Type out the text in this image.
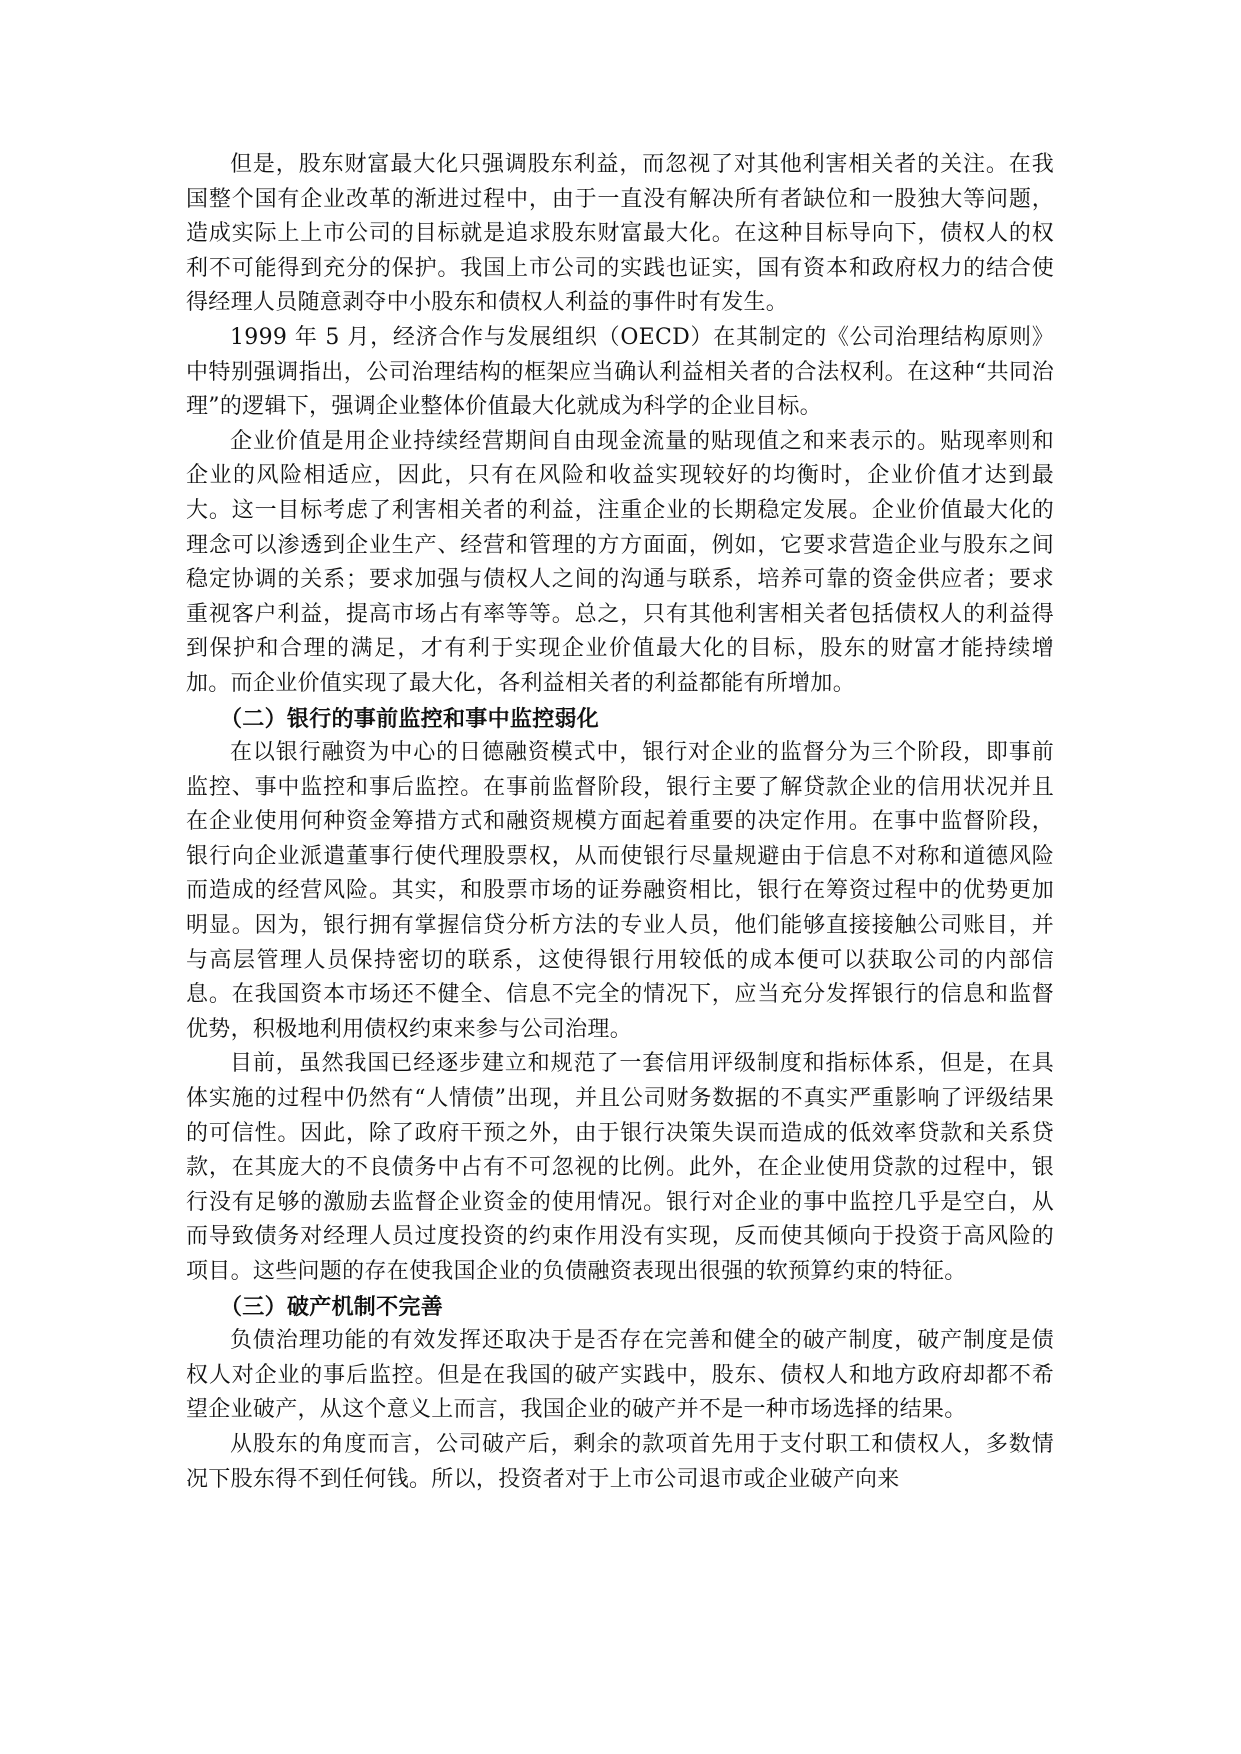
但是，股东财富最大化只强调股东利益，而忽视了对其他利害相关者的关注。在我国整个国有企业改革的渐进过程中，由于一直没有解决所有者缺位和一股独大等问题，造成实际上上市公司的目标就是追求股东财富最大化。在这种目标导向下，债权人的权利不可能得到充分的保护。我国上市公司的实践也证实，国有资本和政府权力的结合使得经理人员随意剥夺中小股东和债权人利益的事件时有发生。

1999 年 5 月，经济合作与发展组织（OECD）在其制定的《公司治理结构原则》中特别强调指出，公司治理结构的框架应当确认利益相关者的合法权利。在这种“共同治理”的逻辑下，强调企业整体价值最大化就成为科学的企业目标。

企业价值是用企业持续经营期间自由现金流量的贴现值之和来表示的。贴现率则和企业的风险相适应，因此，只有在风险和收益实现较好的均衡时，企业价值才达到最大。这一目标考虑了利害相关者的利益，注重企业的长期稳定发展。企业价值最大化的理念可以渗透到企业生产、经营和管理的方方面面，例如，它要求营造企业与股东之间稳定协调的关系；要求加强与债权人之间的沟通与联系，培养可靠的资金供应者；要求重视客户利益，提高市场占有率等等。总之，只有其他利害相关者包括债权人的利益得到保护和合理的满足，才有利于实现企业价值最大化的目标，股东的财富才能持续增加。而企业价值实现了最大化，各利益相关者的利益都能有所增加。

（二）银行的事前监控和事中监控弱化

在以银行融资为中心的日德融资模式中，银行对企业的监督分为三个阶段，即事前监控、事中监控和事后监控。在事前监督阶段，银行主要了解贷款企业的信用状况并且在企业使用何种资金筹措方式和融资规模方面起着重要的决定作用。在事中监督阶段，银行向企业派遣董事行使代理股票权，从而使银行尽量规避由于信息不对称和道德风险而造成的经营风险。其实，和股票市场的证券融资相比，银行在筹资过程中的优势更加明显。因为，银行拥有掌握信贷分析方法的专业人员，他们能够直接接触公司账目，并与高层管理人员保持密切的联系，这使得银行用较低的成本便可以获取公司的内部信息。在我国资本市场还不健全、信息不完全的情况下，应当充分发挥银行的信息和监督优势，积极地利用债权约束来参与公司治理。

目前，虽然我国已经逐步建立和规范了一套信用评级制度和指标体系，但是，在具体实施的过程中仍然有“人情债”出现，并且公司财务数据的不真实严重影响了评级结果的可信性。因此，除了政府干预之外，由于银行决策失误而造成的低效率贷款和关系贷款，在其庞大的不良债务中占有不可忽视的比例。此外，在企业使用贷款的过程中，银行没有足够的激励去监督企业资金的使用情况。银行对企业的事中监控几乎是空白，从而导致债务对经理人员过度投资的约束作用没有实现，反而使其倾向于投资于高风险的项目。这些问题的存在使我国企业的负债融资表现出很强的软预算约束的特征。

（三）破产机制不完善

负债治理功能的有效发挥还取决于是否存在完善和健全的破产制度，破产制度是债权人对企业的事后监控。但是在我国的破产实践中，股东、债权人和地方政府却都不希望企业破产，从这个意义上而言，我国企业的破产并不是一种市场选择的结果。

从股东的角度而言，公司破产后，剩余的款项首先用于支付职工和债权人，多数情况下股东得不到任何钱。所以，投资者对于上市公司退市或企业破产向来
